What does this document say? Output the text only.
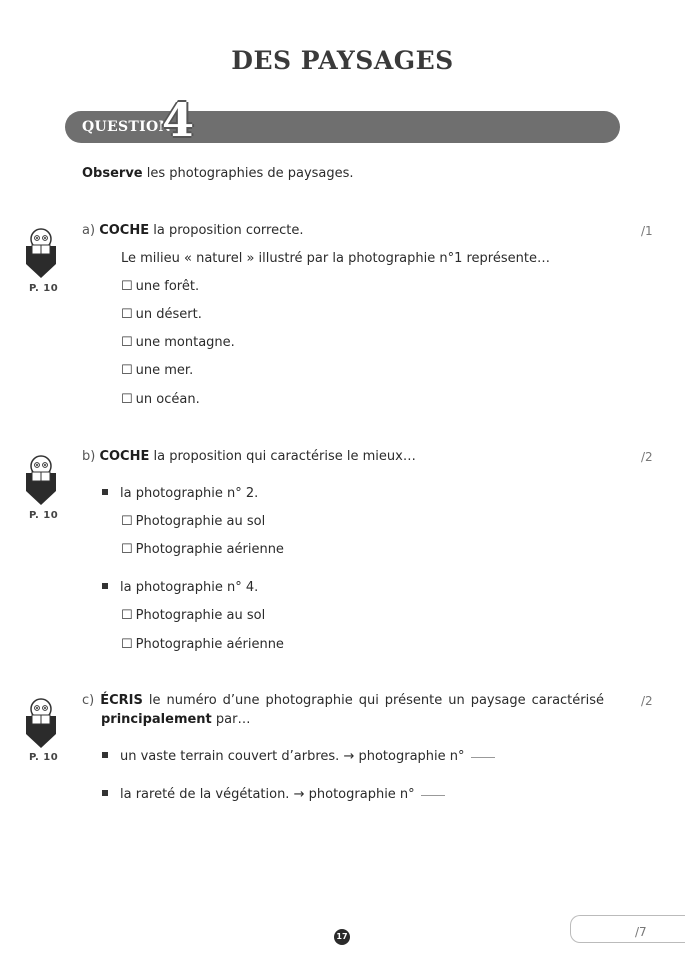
DES PAYSAGES
QUESTION
4
Observe les photographies de paysages.
P. 10
a) COCHE la proposition correcte.	/1
Le milieu « naturel » illustré par la photographie n°1 représente…
☐ une forêt.
☐ un désert.
☐ une montagne.
☐ une mer.
☐ un océan.
P. 10
b) COCHE la proposition qui caractérise le mieux…	/2
la photographie n° 2.
☐ Photographie au sol
☐ Photographie aérienne
la photographie n° 4.
☐ Photographie au sol
☐ Photographie aérienne
P. 10
c) ÉCRIS le numéro d’une photographie qui présente un paysage caractérisé
principalement par…
/2
un vaste terrain couvert d’arbres. → photographie n°
la rareté de la végétation. → photographie n°
/7
17
